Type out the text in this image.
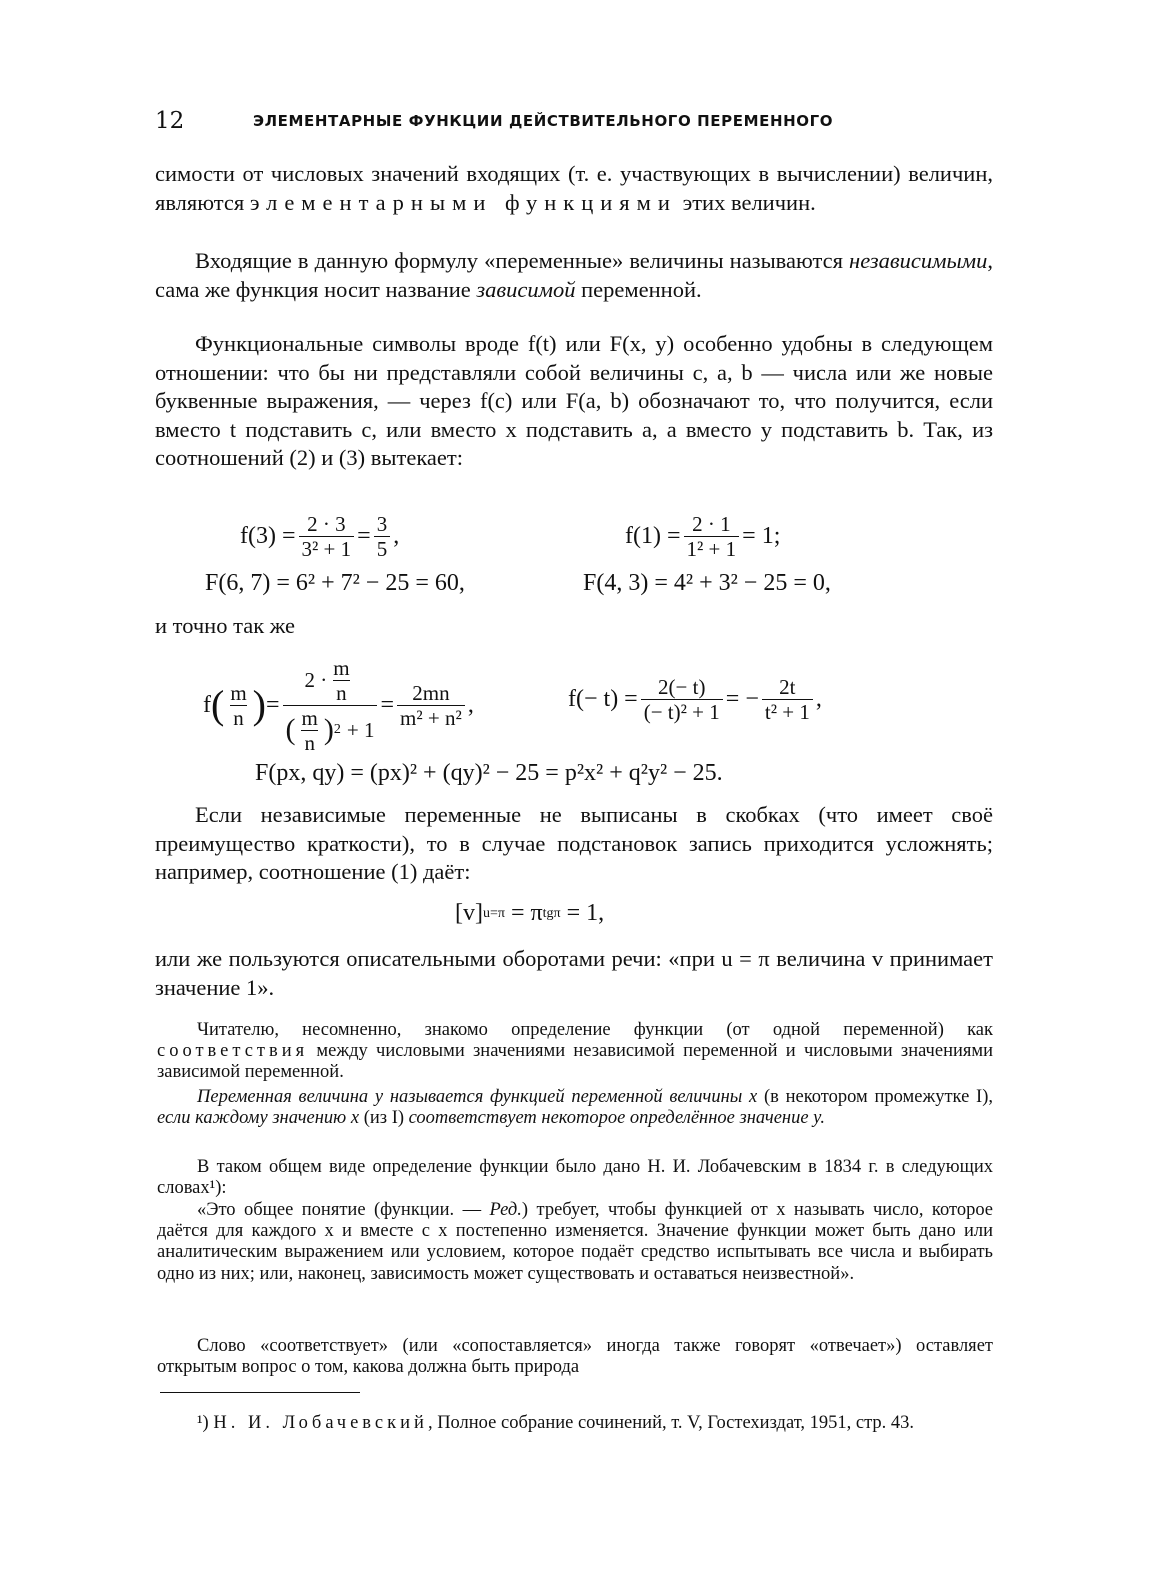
12	ЭЛЕМЕНТАРНЫЕ ФУНКЦИИ ДЕЙСТВИТЕЛЬНОГО ПЕРЕМЕННОГО

симости от числовых значений входящих (т. е. участвующих в вычислении) величин, являются элементарными функциями этих величин.

Входящие в данную формулу «переменные» величины называются независимыми, сама же функция носит название зависимой переменной.

Функциональные символы вроде f(t) или F(x, y) особенно удобны в следующем отношении: что бы ни представляли собой величины c, a, b — числа или же новые буквенные выражения, — через f(c) или F(a, b) обозначают то, что получится, если вместо t подставить c, или вместо x подставить a, а вместо y подставить b. Так, из соотношений (2) и (3) вытекает:

$f(3) = \frac{2 \cdot 3}{\text{3² + 1}} = \frac{3}{5}$ ,	$f(1) = \frac{2 \cdot 1}{\text{1² + 1}} = 1$;
F(6, 7) = 6² + 7² − 25 = 60,	F(4, 3) = 4² + 3² − 25 = 0,

и точно так же

f ( $\frac{m}{n}$ ) = $\frac{2 \cdot \frac{m}{n}}{( \frac{m}{n} ) 2 + 1} = \frac{2mn}{\text{m² + n²}}$ ,	$f(- t) = \frac{2(- t)}{\text{(− t)² + 1}}$ = − $\frac{2t}{\text{t² + 1}}$ ,
F(px, qy) = (px)² + (qy)² − 25 = p²x² + q²y² − 25.

Если независимые переменные не выписаны в скобках (что имеет своё преимущество краткости), то в случае подстановок запись приходится усложнять; например, соотношение (1) даёт:

[v] u=π = π tgπ = 1,

или же пользуются описательными оборотами речи: «при u = π величина v принимает значение 1».

Читателю, несомненно, знакомо определение функции (от одной переменной) как соответствия между числовыми значениями независимой переменной и числовыми значениями зависимой переменной.

Переменная величина y называется функцией переменной величины x (в некотором промежутке I), если каждому значению x (из I) соответствует некоторое определённое значение y.

В таком общем виде определение функции было дано Н. И. Лобачевским в 1834 г. в следующих словах¹):

«Это общее понятие (функции. — Ред.) требует, чтобы функцией от x называть число, которое даётся для каждого x и вместе с x постепенно изменяется. Значение функции может быть дано или аналитическим выражением или условием, которое подаёт средство испытывать все числа и выбирать одно из них; или, наконец, зависимость может существовать и оставаться неизвестной».

Слово «соответствует» (или «сопоставляется» иногда также говорят «отвечает») оставляет открытым вопрос о том, какова должна быть природа

¹) Н. И. Лобачевский, Полное собрание сочинений, т. V, Гостехиздат, 1951, стр. 43.
